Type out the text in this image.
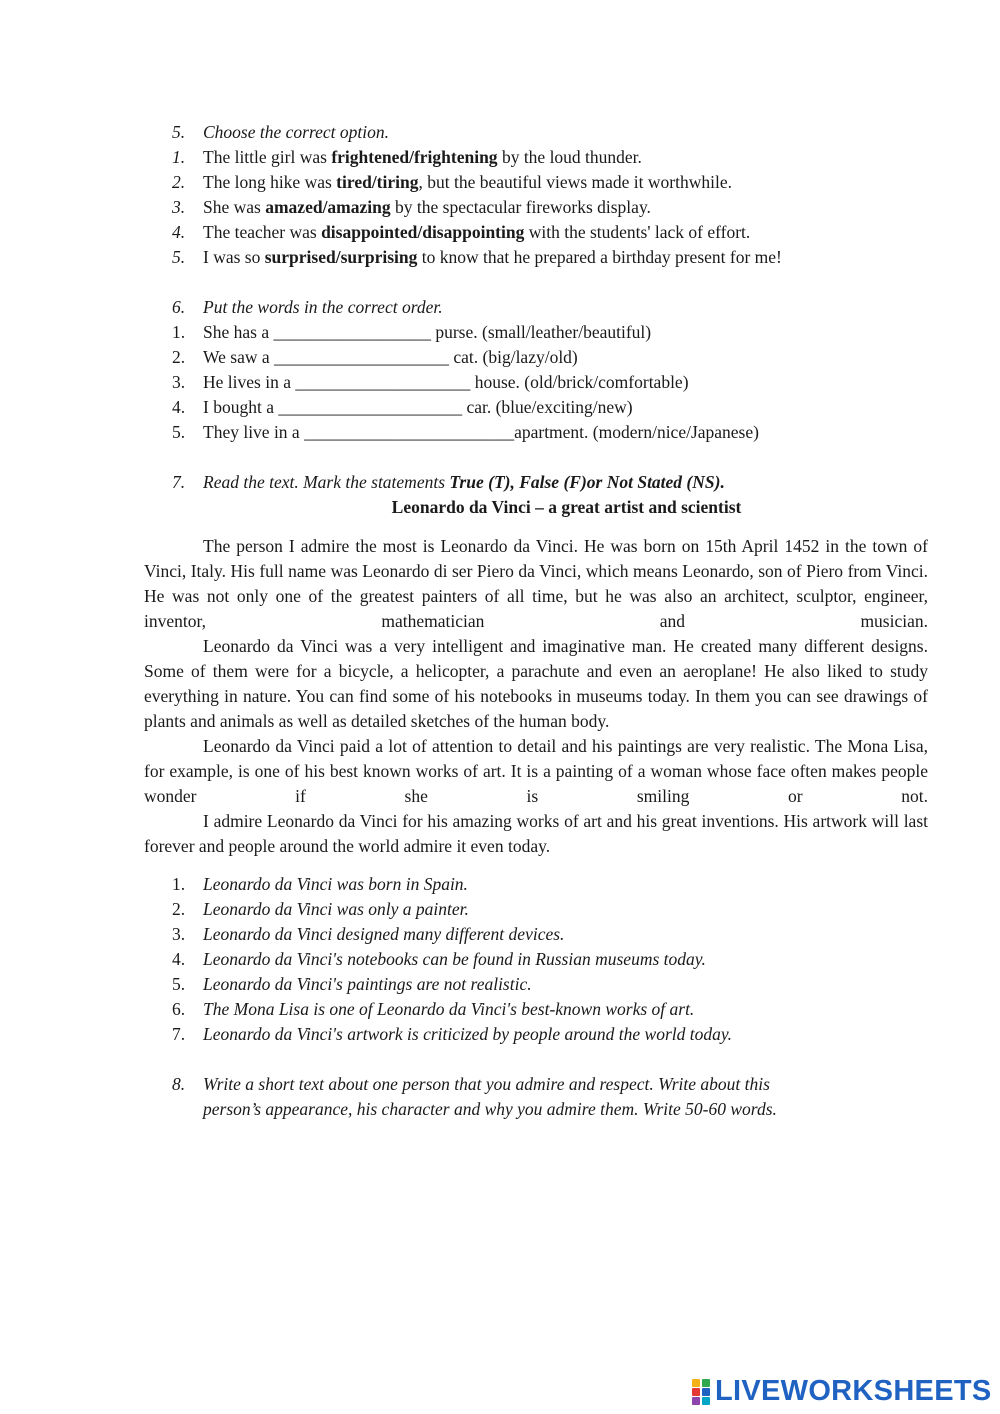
5.	Choose the correct option.
1.	The little girl was frightened/frightening by the loud thunder.
2.	The long hike was tired/tiring, but the beautiful views made it worthwhile.
3.	She was amazed/amazing by the spectacular fireworks display.
4.	The teacher was disappointed/disappointing with the students' lack of effort.
5.	I was so surprised/surprising to know that he prepared a birthday present for me!
6.	Put the words in the correct order.
1.	She has a __________________ purse. (small/leather/beautiful)
2.	We saw a ____________________ cat. (big/lazy/old)
3.	He lives in a ____________________ house. (old/brick/comfortable)
4.	I bought a _____________________ car. (blue/exciting/new)
5.	They live in a ________________________apartment. (modern/nice/Japanese)
7.	Read the text. Mark the statements True (T), False (F)or Not Stated (NS).
Leonardo da Vinci – a great artist and scientist

The person I admire the most is Leonardo da Vinci. He was born on 15th April 1452 in the town of Vinci, Italy. His full name was Leonardo di ser Piero da Vinci, which means Leonardo, son of Piero from Vinci. He was not only one of the greatest painters of all time, but he was also an architect, sculptor, engineer, inventor, mathematician and musician.

Leonardo da Vinci was a very intelligent and imaginative man. He created many different designs. Some of them were for a bicycle, a helicopter, a parachute and even an aeroplane! He also liked to study everything in nature. You can find some of his notebooks in museums today. In them you can see drawings of plants and animals as well as detailed sketches of the human body.

Leonardo da Vinci paid a lot of attention to detail and his paintings are very realistic. The Mona Lisa, for example, is one of his best known works of art. It is a painting of a woman whose face often makes people wonder if she is smiling or not.

I admire Leonardo da Vinci for his amazing works of art and his great inventions. His artwork will last forever and people around the world admire it even today.

1.	Leonardo da Vinci was born in Spain.
2.	Leonardo da Vinci was only a painter.
3.	Leonardo da Vinci designed many different devices.
4.	Leonardo da Vinci's notebooks can be found in Russian museums today.
5.	Leonardo da Vinci's paintings are not realistic.
6.	The Mona Lisa is one of Leonardo da Vinci's best-known works of art.
7.	Leonardo da Vinci's artwork is criticized by people around the world today.
8.	Write a short text about one person that you admire and respect. Write about this
person’s appearance, his character and why you admire them. Write 50-60 words.
LIVEWORKSHEETS
